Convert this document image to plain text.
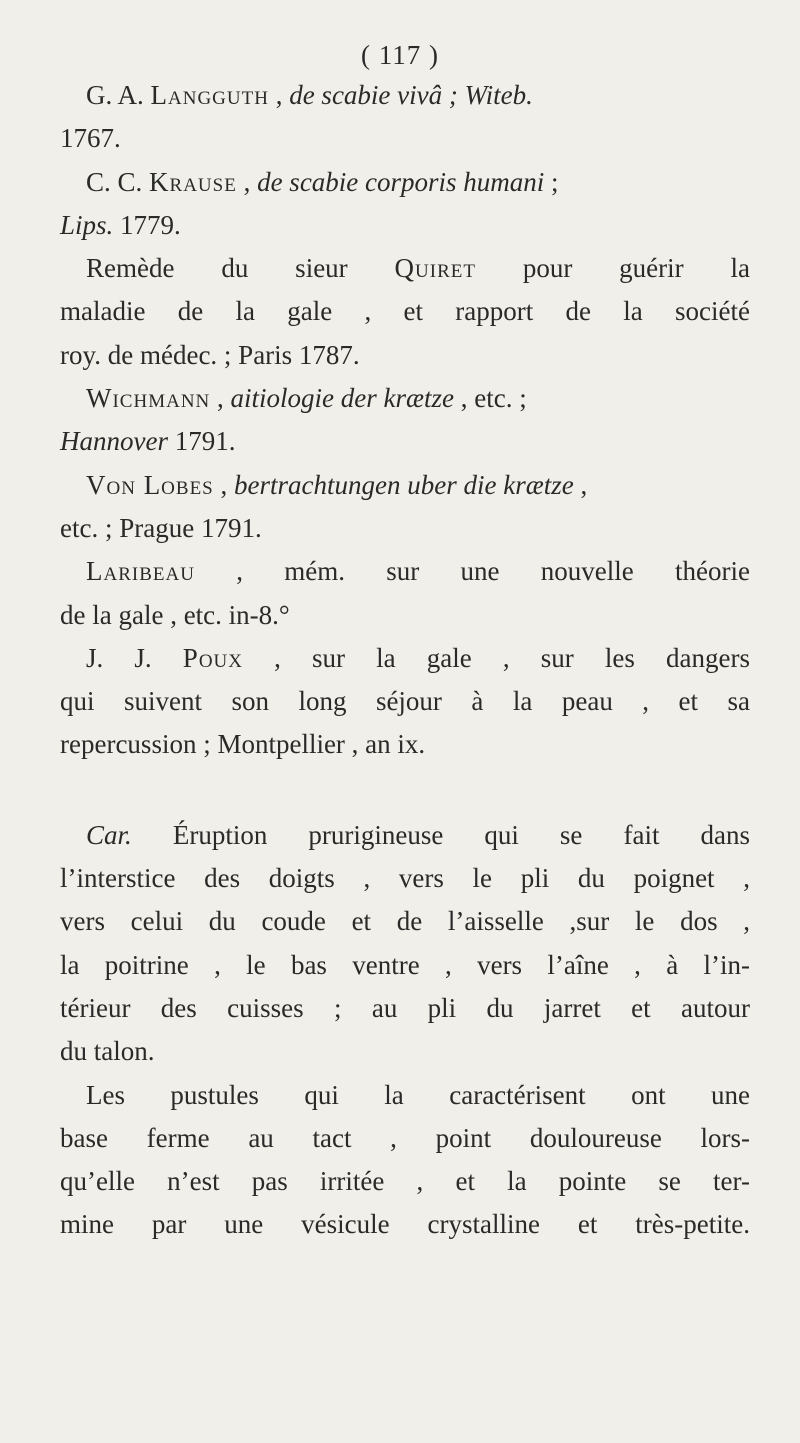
( 117 )
G. A. Langguth , de scabie vivâ ; Witeb.
1767.
C. C. Krause , de scabie corporis humani ;
Lips. 1779.
Remède du sieur Quiret pour guérir la
maladie de la gale , et rapport de la société
roy. de médec. ; Paris 1787.
Wichmann , aitiologie der krætze , etc. ;
Hannover 1791.
Von Lobes , bertrachtungen uber die krætze ,
etc. ; Prague 1791.
Laribeau , mém. sur une nouvelle théorie
de la gale , etc. in-8.°
J. J. Poux , sur la gale , sur les dangers
qui suivent son long séjour à la peau , et sa
repercussion ; Montpellier , an ix.
Car. Éruption prurigineuse qui se fait dans
l’interstice des doigts , vers le pli du poignet ,
vers celui du coude et de l’aisselle ,sur le dos ,
la poitrine , le bas ventre , vers l’aîne , à l’in-
térieur des cuisses ; au pli du jarret et autour
du talon.
Les pustules qui la caractérisent ont une
base ferme au tact , point douloureuse lors-
qu’elle n’est pas irritée , et la pointe se ter-
mine par une vésicule crystalline et très-petite.
